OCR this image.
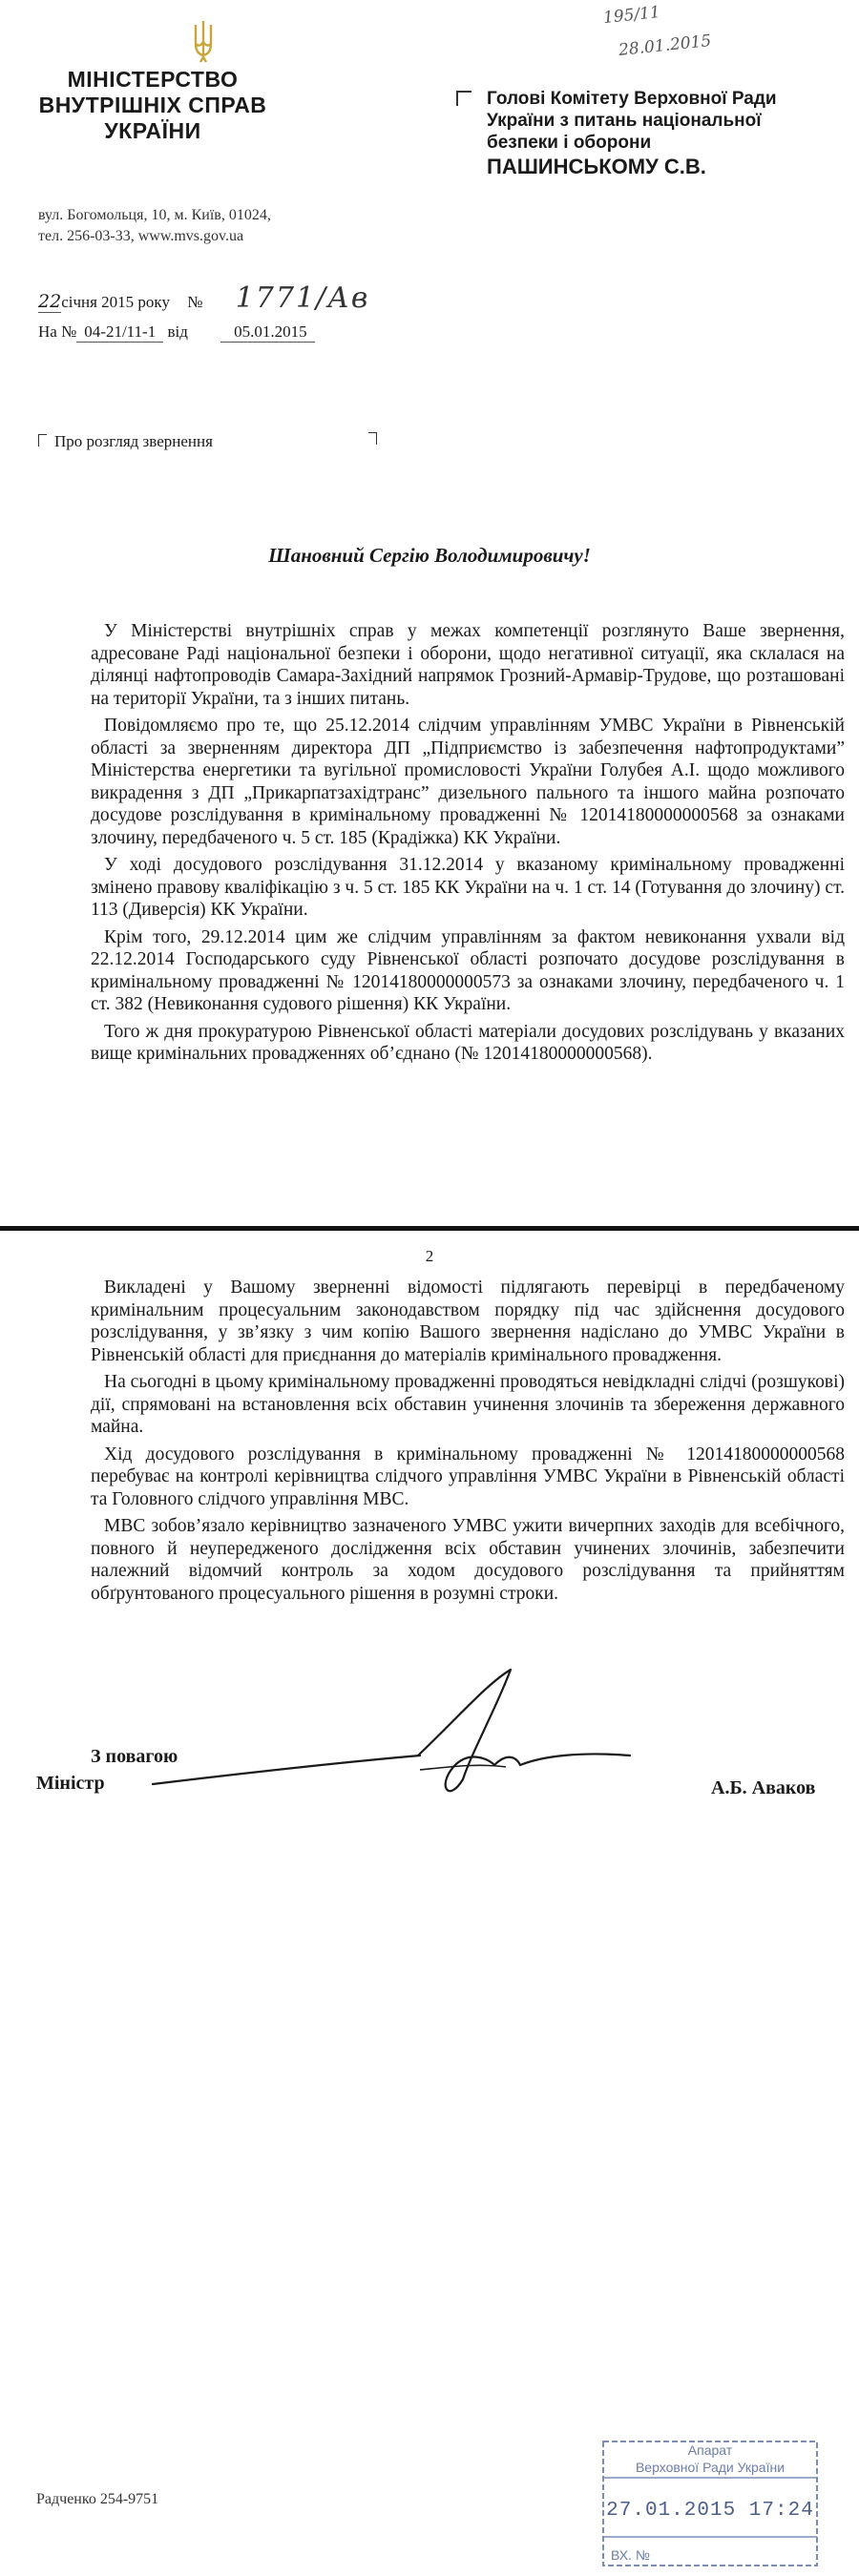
МІНІСТЕРСТВО
ВНУТРІШНІХ СПРАВ
УКРАЇНИ
вул. Богомольця, 10, м. Київ, 01024,
тел. 256-03-33, www.mvs.gov.ua
195/11
28.01.2015
Голові Комітету Верховної Ради
України з питань національної
безпеки і оборони
ПАШИНСЬКОМУ С.В.
22січня 2015 року № 1771/Ав
На № 04-21/11-1 від	05.01.2015
Про розгляд звернення
Шановний Сергію Володимировичу!

У Міністерстві внутрішніх справ у межах компетенції розглянуто Ваше звернення, адресоване Раді національної безпеки і оборони, щодо негативної ситуації, яка склалася на ділянці нафтопроводів Самара-Західний напрямок Грозний-Армавір-Трудове, що розташовані на території України, та з інших питань.

Повідомляємо про те, що 25.12.2014 слідчим управлінням УМВС України в Рівненській області за зверненням директора ДП „Підприємство із забезпечення нафтопродуктами” Міністерства енергетики та вугільної промисловості України Голубея А.І. щодо можливого викрадення з ДП „Прикарпатзахідтранс” дизельного пального та іншого майна розпочато досудове розслідування в кримінальному провадженні № 12014180000000568 за ознаками злочину, передбаченого ч. 5 ст. 185 (Крадіжка) КК України.

У ході досудового розслідування 31.12.2014 у вказаному кримінальному провадженні змінено правову кваліфікацію з ч. 5 ст. 185 КК України на ч. 1 ст. 14 (Готування до злочину) ст. 113 (Диверсія) КК України.

Крім того, 29.12.2014 цим же слідчим управлінням за фактом невиконання ухвали від 22.12.2014 Господарського суду Рівненської області розпочато досудове розслідування в кримінальному провадженні № 12014180000000573 за ознаками злочину, передбаченого ч. 1 ст. 382 (Невиконання судового рішення) КК України.

Того ж дня прокуратурою Рівненської області матеріали досудових розслідувань у вказаних вище кримінальних провадженнях об’єднано (№ 12014180000000568).

2

Викладені у Вашому зверненні відомості підлягають перевірці в передбаченому кримінальним процесуальним законодавством порядку під час здійснення досудового розслідування, у зв’язку з чим копію Вашого звернення надіслано до УМВС України в Рівненській області для приєднання до матеріалів кримінального провадження.

На сьогодні в цьому кримінальному провадженні проводяться невідкладні слідчі (розшукові) дії, спрямовані на встановлення всіх обставин учинення злочинів та збереження державного майна.

Хід досудового розслідування в кримінальному провадженні № 12014180000000568 перебуває на контролі керівництва слідчого управління УМВС України в Рівненській області та Головного слідчого управління МВС.

МВС зобов’язало керівництво зазначеного УМВС ужити вичерпних заходів для всебічного, повного й неупередженого дослідження всіх обставин учинених злочинів, забезпечити належний відомчий контроль за ходом досудового розслідування та прийняттям обґрунтованого процесуального рішення в розумні строки.

З повагою
Міністр	А.Б. Аваков
Радченко 254-9751
Апарат
Верховної Ради України
27.01.2015 17:24
ВХ. №
